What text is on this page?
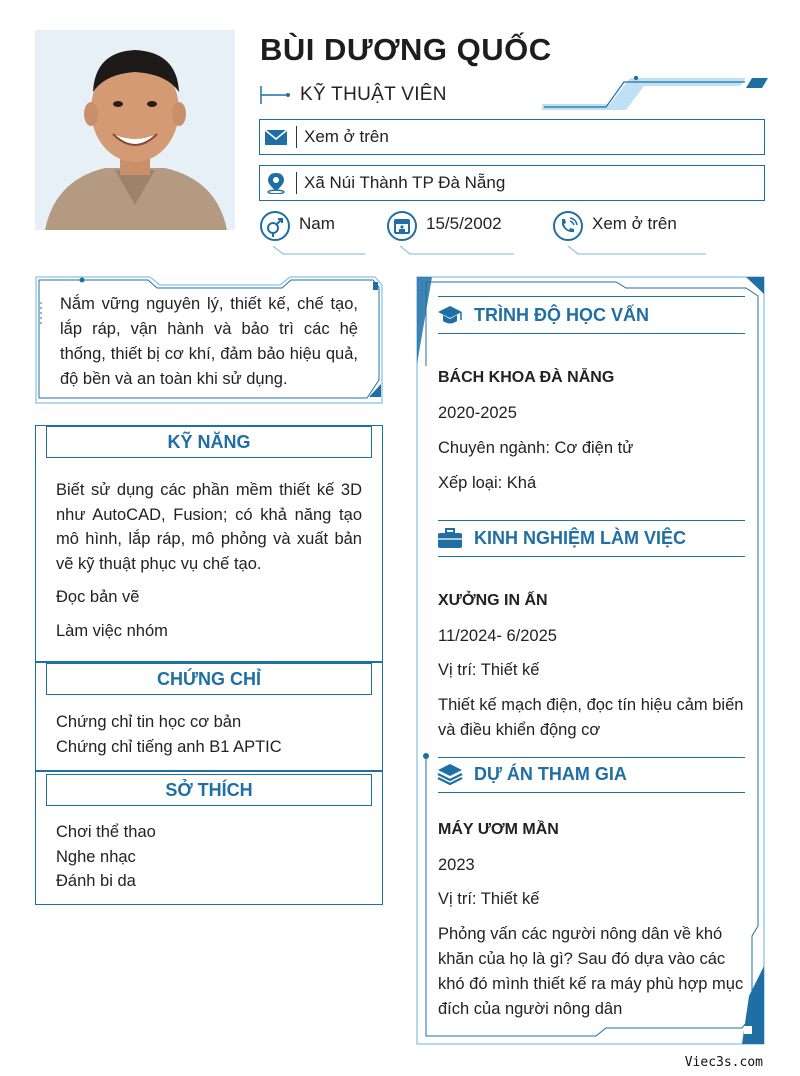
BÙI DƯƠNG QUỐC
KỸ THUẬT VIÊN
Xem ở trên
Xã Núi Thành TP Đà Nẵng
Nam	15/5/2002	Xem ở trên
Nắm vững nguyên lý, thiết kế, chế tạo, lắp ráp, vận hành và bảo trì các hệ thống, thiết bị cơ khí, đảm bảo hiệu quả, độ bền và an toàn khi sử dụng.
KỸ NĂNG
Biết sử dụng các phần mềm thiết kế 3D như AutoCAD, Fusion; có khả năng tạo mô hình, lắp ráp, mô phỏng và xuất bản vẽ kỹ thuật phục vụ chế tạo.
Đọc bản vẽ
Làm việc nhóm
CHỨNG CHỈ
Chứng chỉ tin học cơ bản
Chứng chỉ tiếng anh B1 APTIC
SỞ THÍCH
Chơi thể thao
Nghe nhạc
Đánh bi da
TRÌNH ĐỘ HỌC VẤN
BÁCH KHOA ĐÀ NẴNG
2020-2025
Chuyên ngành: Cơ điện tử
Xếp loại: Khá
KINH NGHIỆM LÀM VIỆC
XƯỞNG IN ẤN
11/2024- 6/2025
Vị trí: Thiết kế
Thiết kế mạch điện, đọc tín hiệu cảm biến và điều khiển động cơ
DỰ ÁN THAM GIA
MÁY ƯƠM MẦN
2023
Vị trí: Thiết kế
Phỏng vấn các người nông dân về khó khăn của họ là gì? Sau đó dựa vào các khó đó mình thiết kế ra máy phù hợp mục đích của người nông dân
Viec3s.com
